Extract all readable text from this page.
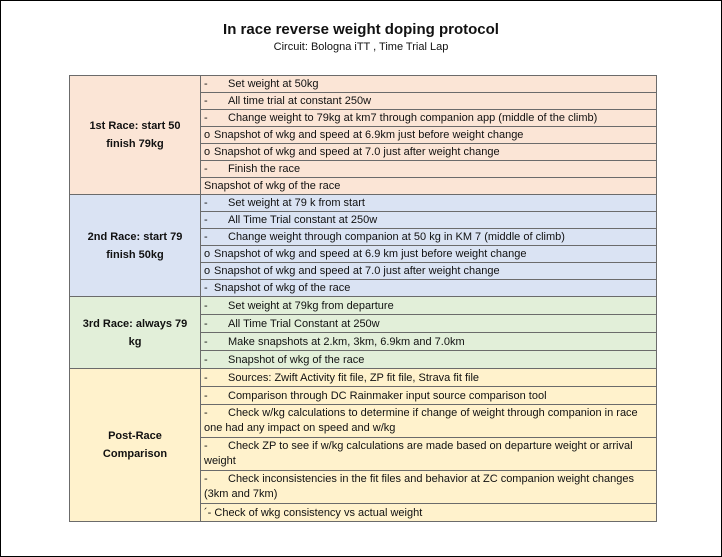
In race reverse weight doping protocol
Circuit: Bologna iTT , Time Trial Lap
1st Race: start 50 finish 79kg	- Set weight at 50kg
	- All time trial at constant 250w
	- Change weight to 79kg at km7 through companion app (middle of the climb)
	o Snapshot of wkg and speed at 6.9km just before weight change
	o Snapshot of wkg and speed at 7.0 just after weight change
	- Finish the race
	Snapshot of wkg of the race
2nd Race: start 79 finish 50kg	- Set weight at 79 k from start
	- All Time Trial constant at 250w
	- Change weight through companion at 50 kg in KM 7 (middle of climb)
	o Snapshot of wkg and speed at 6.9 km just before weight change
	o Snapshot of wkg and speed at 7.0 just after weight change
	- Snapshot of wkg of the race
3rd Race: always 79 kg	- Set weight at 79kg from departure
	- All Time Trial Constant at 250w
	- Make snapshots at 2.km, 3km, 6.9km and 7.0km
	- Snapshot of wkg of the race
Post-Race Comparison	- Sources: Zwift Activity fit file, ZP fit file, Strava fit file
	- Comparison through DC Rainmaker input source comparison tool
	- Check w/kg calculations to determine if change of weight through companion in race one had any impact on speed and w/kg
	- Check ZP to see if w/kg calculations are made based on departure weight or arrival weight
	- Check inconsistencies in the fit files and behavior at ZC companion weight changes (3km and 7km)
	´- Check of wkg consistency vs actual weight
